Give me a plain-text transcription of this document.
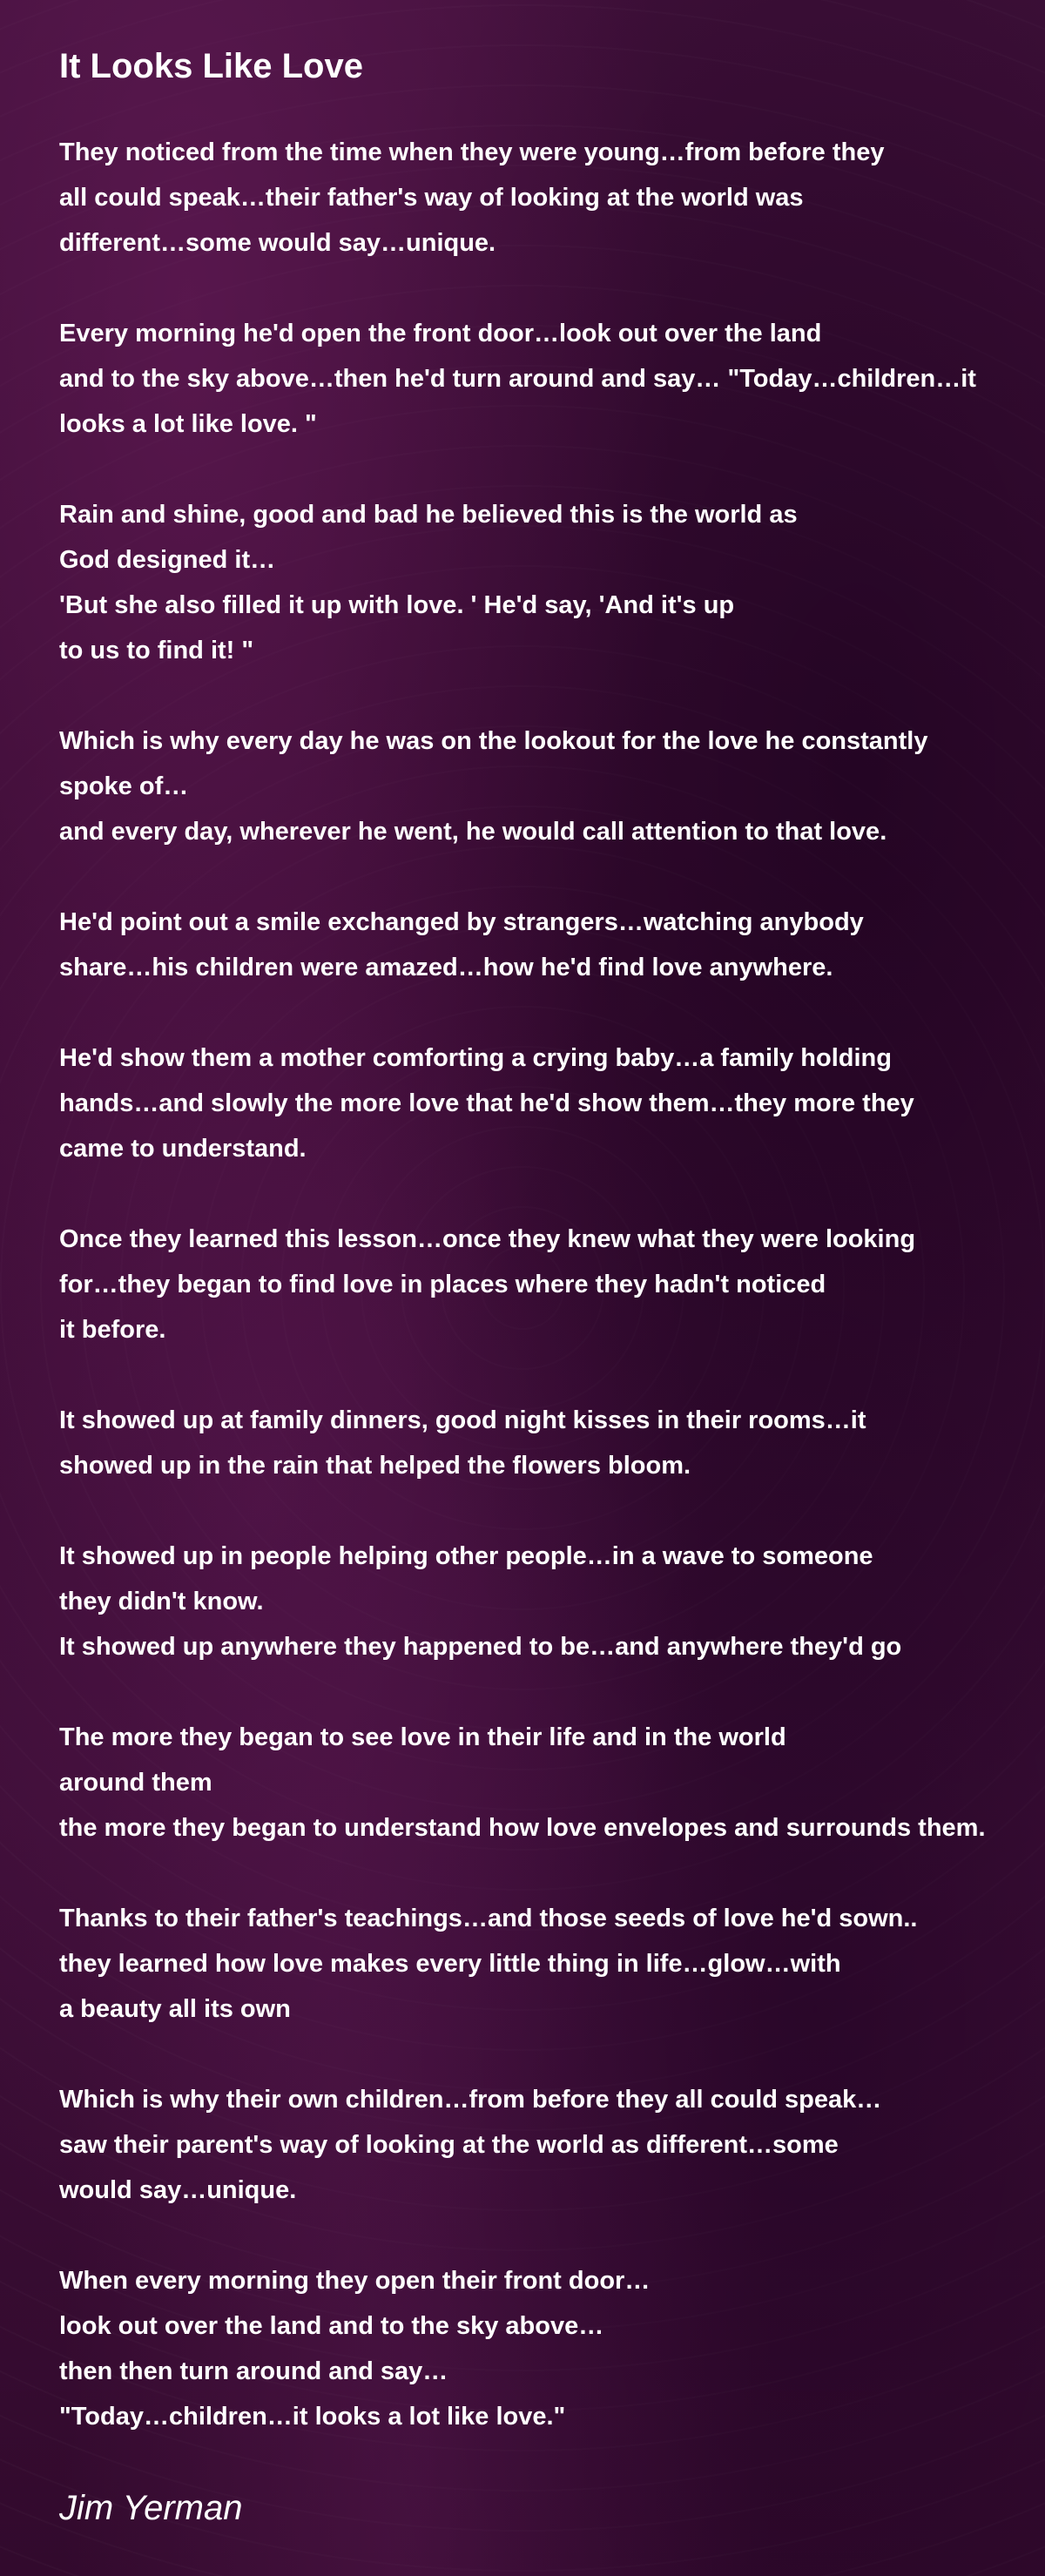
It Looks Like Love

They noticed from the time when they were young…from before they
all could speak…their father's way of looking at the world was
different…some would say…unique.

Every morning he'd open the front door…look out over the land
and to the sky above…then he'd turn around and say… "Today…children…it
looks a lot like love. "

Rain and shine, good and bad he believed this is the world as
God designed it…
'But she also filled it up with love. ' He'd say, 'And it's up
to us to find it! "

Which is why every day he was on the lookout for the love he constantly
spoke of…
and every day, wherever he went, he would call attention to that love.

He'd point out a smile exchanged by strangers…watching anybody
share…his children were amazed…how he'd find love anywhere.

He'd show them a mother comforting a crying baby…a family holding
hands…and slowly the more love that he'd show them…they more they
came to understand.

Once they learned this lesson…once they knew what they were looking
for…they began to find love in places where they hadn't noticed
it before.

It showed up at family dinners, good night kisses in their rooms…it
showed up in the rain that helped the flowers bloom.

It showed up in people helping other people…in a wave to someone
they didn't know.
It showed up anywhere they happened to be…and anywhere they'd go

The more they began to see love in their life and in the world
around them
the more they began to understand how love envelopes and surrounds them.

Thanks to their father's teachings…and those seeds of love he'd sown..
they learned how love makes every little thing in life…glow…with
a beauty all its own

Which is why their own children…from before they all could speak…
saw their parent's way of looking at the world as different…some
would say…unique.

When every morning they open their front door…
look out over the land and to the sky above…
then then turn around and say…
"Today…children…it looks a lot like love."

Jim Yerman
